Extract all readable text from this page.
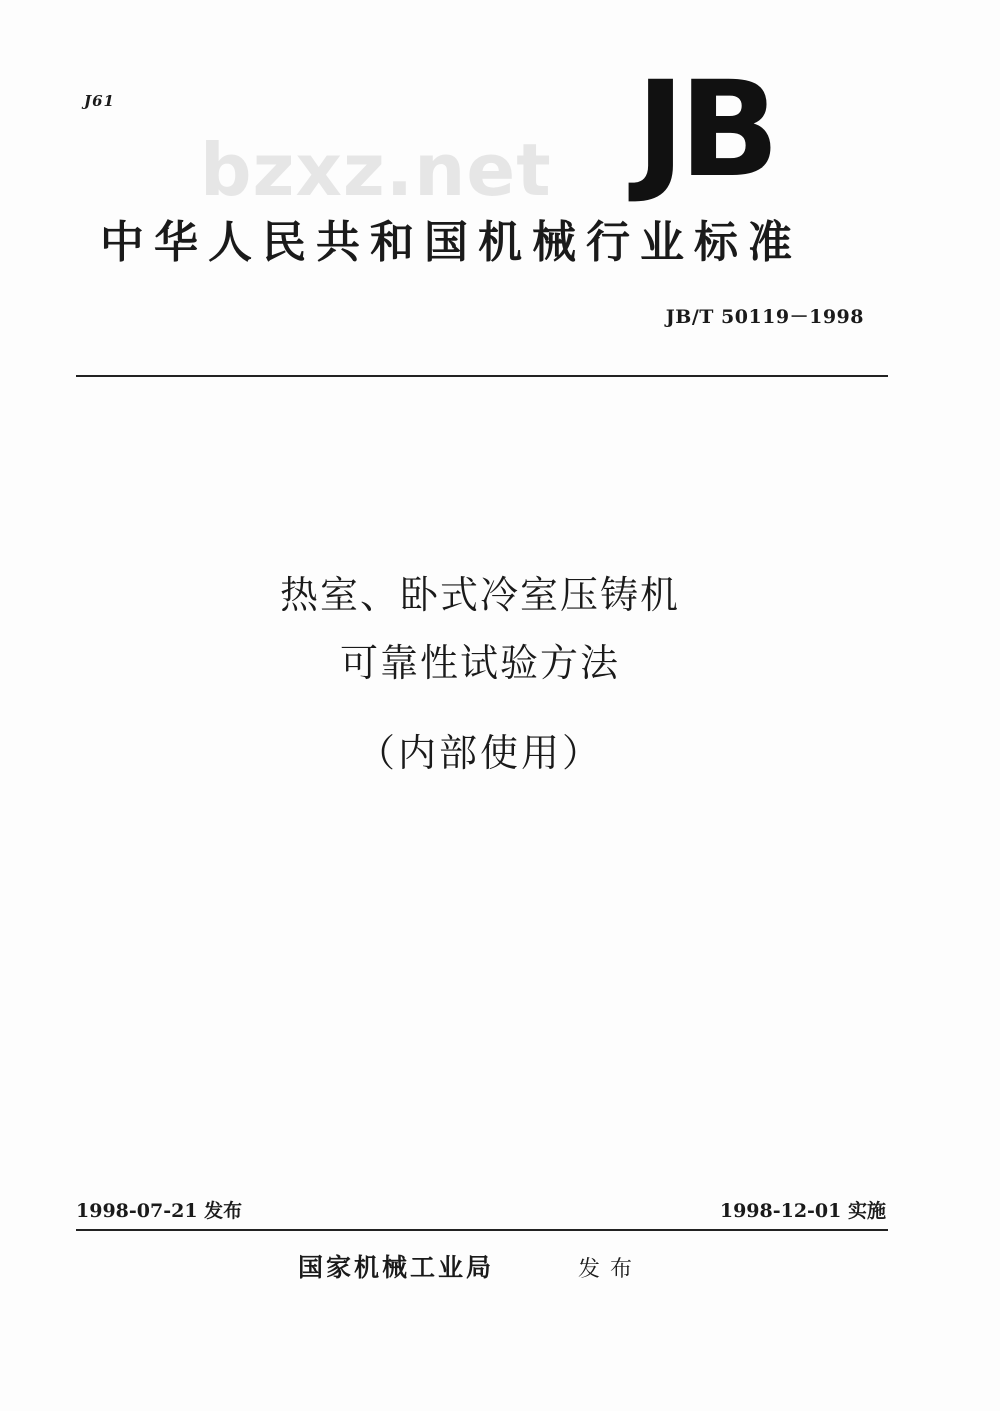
J61
bzxz.net JB
中华人民共和国机械行业标准
JB/T 50119－1998
热室、卧式冷室压铸机
可靠性试验方法
（内部使用）
1998-07-21 发布	1998-12-01 实施
国家机械工业局	发布
